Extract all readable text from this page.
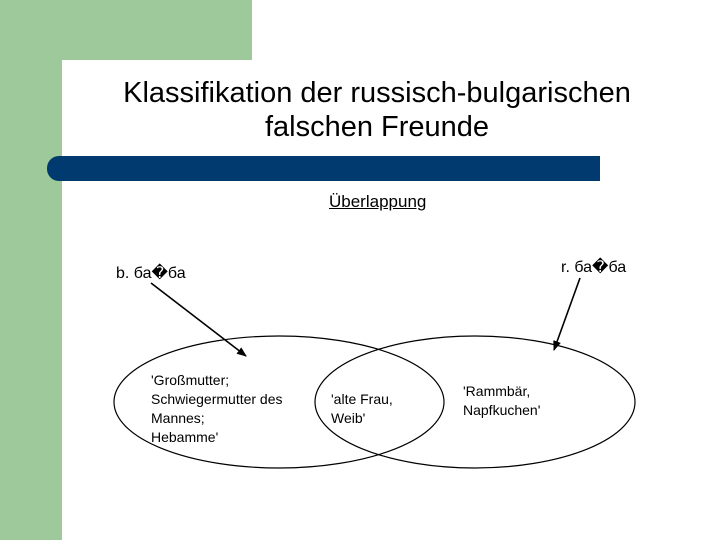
Klassifikation der russisch-bulgarischen
falschen Freunde
Überlappung
b. ба�ба	r. ба�ба
'Großmutter;
Schwiegermutter des
Mannes;
Hebamme'
'alte Frau,
Weib'
'Rammbär,
Napfkuchen'
